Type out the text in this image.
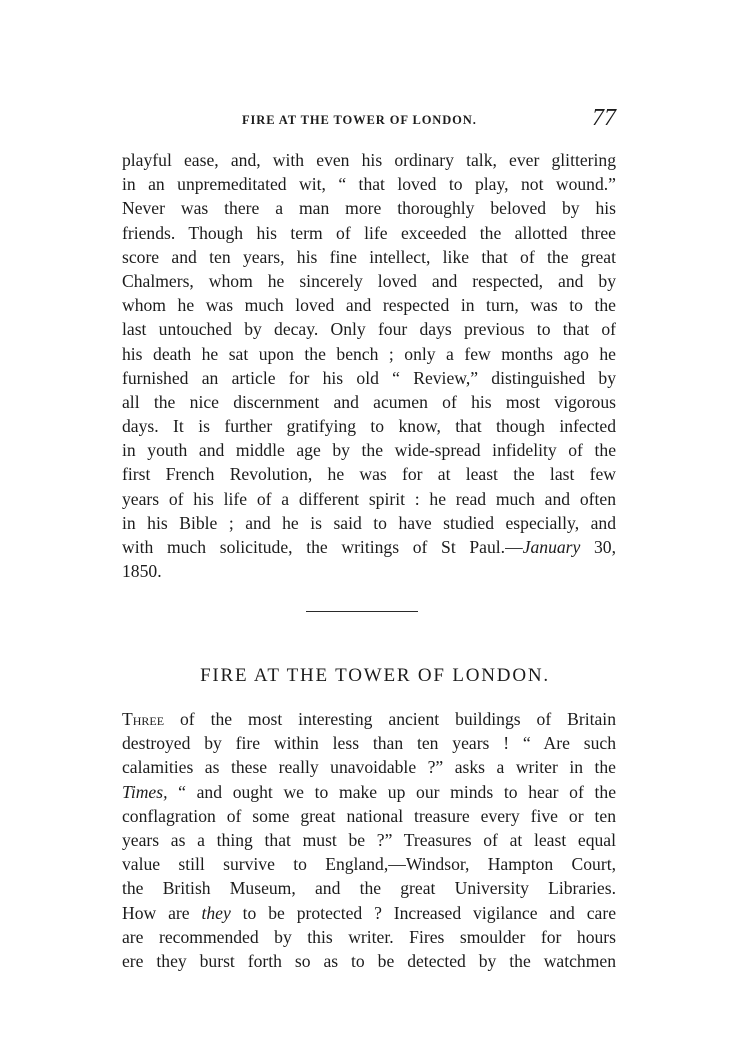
FIRE AT THE TOWER OF LONDON.	77
playful ease, and, with even his ordinary talk, ever glittering
in an unpremeditated wit, “ that loved to play, not wound.”
Never was there a man more thoroughly beloved by his
friends. Though his term of life exceeded the allotted three
score and ten years, his fine intellect, like that of the great
Chalmers, whom he sincerely loved and respected, and by
whom he was much loved and respected in turn, was to the
last untouched by decay. Only four days previous to that of
his death he sat upon the bench ; only a few months ago he
furnished an article for his old “ Review,” distinguished by
all the nice discernment and acumen of his most vigorous
days. It is further gratifying to know, that though infected
in youth and middle age by the wide-spread infidelity of the
first French Revolution, he was for at least the last few
years of his life of a different spirit : he read much and often
in his Bible ; and he is said to have studied especially, and
with much solicitude, the writings of St Paul.—January 30,
1850.
FIRE AT THE TOWER OF LONDON.
Three of the most interesting ancient buildings of Britain
destroyed by fire within less than ten years ! “ Are such
calamities as these really unavoidable ?” asks a writer in the
Times, “ and ought we to make up our minds to hear of the
conflagration of some great national treasure every five or ten
years as a thing that must be ?” Treasures of at least equal
value still survive to England,—Windsor, Hampton Court,
the British Museum, and the great University Libraries.
How are they to be protected ? Increased vigilance and care
are recommended by this writer. Fires smoulder for hours
ere they burst forth so as to be detected by the watchmen
